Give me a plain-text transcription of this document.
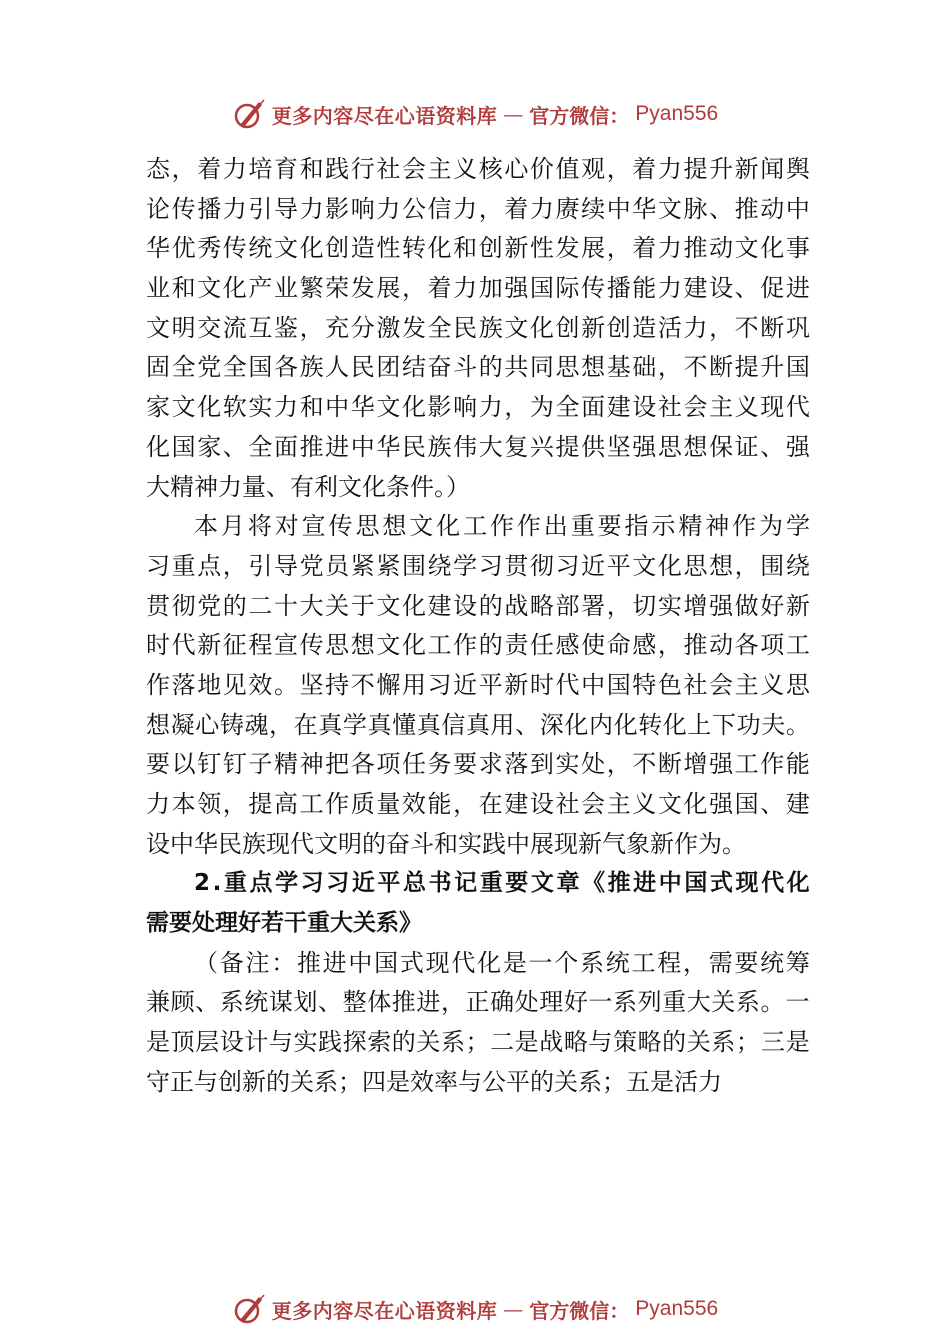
更多内容尽在心语资料库 — 官方微信： Pyan556
态 ， 着 力 培 育 和 践 行 社 会 主 义 核 心 价 值 观 ， 着 力 提 升 新 闻 舆
论 传 播 力 引 导 力 影 响 力 公 信 力 ， 着 力 赓 续 中 华 文 脉 、 推 动 中
华 优 秀 传 统 文 化 创 造 性 转 化 和 创 新 性 发 展 ， 着 力 推 动 文 化 事
业 和 文 化 产 业 繁 荣 发 展 ， 着 力 加 强 国 际 传 播 能 力 建 设 、 促 进
文 明 交 流 互 鉴 ， 充 分 激 发 全 民 族 文 化 创 新 创 造 活 力 ， 不 断 巩
固 全 党 全 国 各 族 人 民 团 结 奋 斗 的 共 同 思 想 基 础 ， 不 断 提 升 国
家 文 化 软 实 力 和 中 华 文 化 影 响 力 ， 为 全 面 建 设 社 会 主 义 现 代
化 国 家 、 全 面 推 进 中 华 民 族 伟 大 复 兴 提 供 坚 强 思 想 保 证 、 强
大精神力量、有利文化条件。）
本 月 将 对 宣 传 思 想 文 化 工 作 作 出 重 要 指 示 精 神 作 为 学
习 重 点 ， 引 导 党 员 紧 紧 围 绕 学 习 贯 彻 习 近 平 文 化 思 想 ， 围 绕
贯 彻 党 的 二 十 大 关 于 文 化 建 设 的 战 略 部 署 ， 切 实 增 强 做 好 新
时 代 新 征 程 宣 传 思 想 文 化 工 作 的 责 任 感 使 命 感 ， 推 动 各 项 工
作 落 地 见 效 。 坚 持 不 懈 用 习 近 平 新 时 代 中 国 特 色 社 会 主 义 思
想 凝 心 铸 魂 ， 在 真 学 真 懂 真 信 真 用 、 深 化 内 化 转 化 上 下 功 夫 。
要 以 钉 钉 子 精 神 把 各 项 任 务 要 求 落 到 实 处 ， 不 断 增 强 工 作 能
力 本 领 ， 提 高 工 作 质 量 效 能 ， 在 建 设 社 会 主 义 文 化 强 国 、 建
设中华民族现代文明的奋斗和实践中展现新气象新作为。
2 . 重 点 学 习 习 近 平 总 书 记 重 要 文 章 《 推 进 中 国 式 现 代 化
需要处理好若干重大关系》
（ 备 注 ： 推 进 中 国 式 现 代 化 是 一 个 系 统 工 程 ， 需 要 统 筹
兼 顾 、 系 统 谋 划 、 整 体 推 进 ， 正 确 处 理 好 一 系 列 重 大 关 系 。 一
是 顶 层 设 计 与 实 践 探 索 的 关 系 ； 二 是 战 略 与 策 略 的 关 系 ； 三 是
守正与创新的关系；四是效率与公平的关系；五是活力
更多内容尽在心语资料库 — 官方微信： Pyan556
